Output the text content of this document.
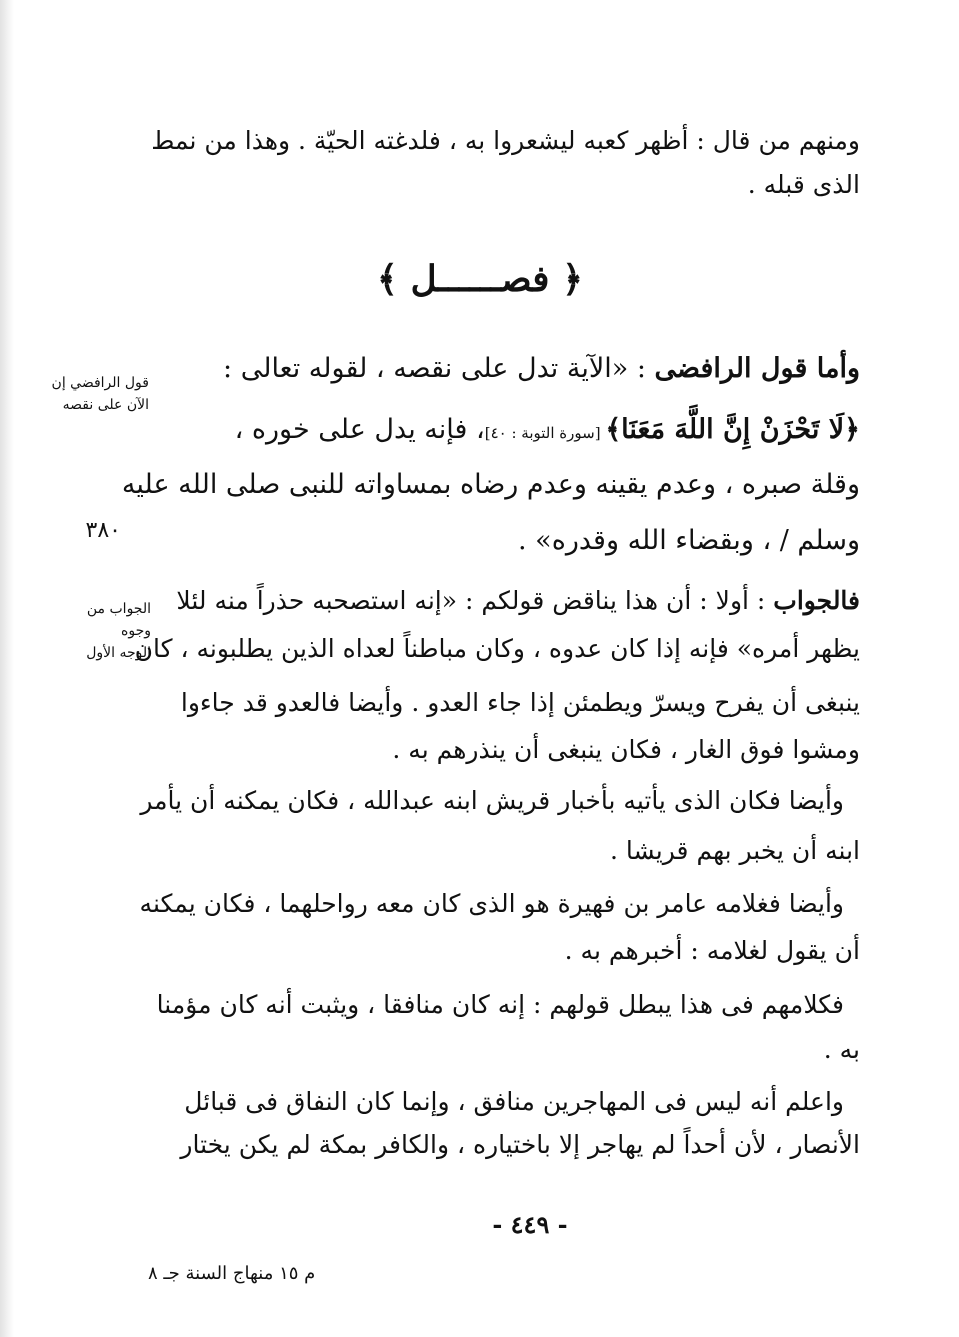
ومنهم من قال : أظهر كعبه ليشعروا به ، فلدغته الحيّة . وهذا من نمط
الذى قبله .
﴿ فصــــــل ﴾
وأما قول الرافضى : «الآية تدل على نقصه ، لقوله تعالى :
﴿لَا تَحْزَنْ إِنَّ اللَّهَ مَعَنَا﴾ [سورة التوبة : ٤٠]، فإنه يدل على خوره ،
وقلة صبره ، وعدم يقينه وعدم رضاه بمساواته للنبى صلى الله عليه
وسلم / ، وبقضاء الله وقدره» .
فالجواب : أولا : أن هذا يناقض قولكم : «إنه استصحبه حذراً منه لئلا
يظهر أمره» فإنه إذا كان عدوه ، وكان مباطناً لعداه الذين يطلبونه ، كان
ينبغى أن يفرح ويسرّ ويطمئن إذا جاء العدو . وأيضا فالعدو قد جاءوا
ومشوا فوق الغار ، فكان ينبغى أن ينذرهم به .
وأيضا فكان الذى يأتيه بأخبار قريش ابنه عبدالله ، فكان يمكنه أن يأمر
ابنه أن يخبر بهم قريشا .
وأيضا فغلامه عامر بن فهيرة هو الذى كان معه رواحلهما ، فكان يمكنه
أن يقول لغلامه : أخبرهم به .
فكلامهم فى هذا يبطل قولهم : إنه كان منافقا ، ويثبت أنه كان مؤمنا
به .
واعلم أنه ليس فى المهاجرين منافق ، وإنما كان النفاق فى قبائل
الأنصار ، لأن أحداً لم يهاجر إلا باختياره ، والكافر بمكة لم يكن يختار
قول الرافضي إن
الآن على نقصه
٣٨٠
الجواب من
وجوه
الوجه الأول
- ٤٤٩ -
م ١٥ منهاج السنة جـ ٨
